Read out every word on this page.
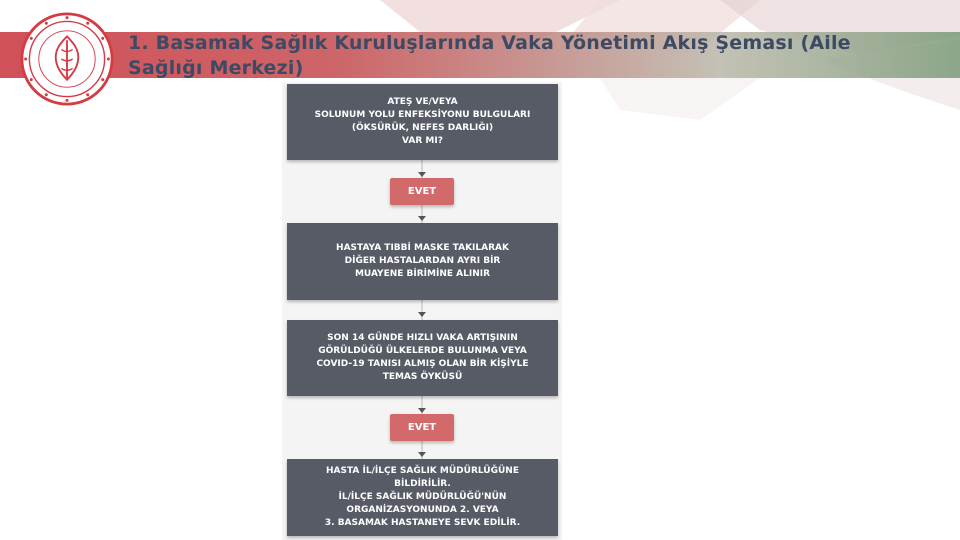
1. Basamak Sağlık Kuruluşlarında Vaka Yönetimi Akış Şeması (Aile Sağlığı Merkezi)
ATEŞ VE/VEYA
SOLUNUM YOLU ENFEKSİYONU BULGULARI
(ÖKSÜRÜK, NEFES DARLIĞI)
VAR MI?
EVET
HASTAYA TIBBİ MASKE TAKILARAK
DİĞER HASTALARDAN AYRI BİR
MUAYENE BİRİMİNE ALINIR
SON 14 GÜNDE HIZLI VAKA ARTIŞININ
GÖRÜLDÜĞÜ ÜLKELERDE BULUNMA VEYA
COVID-19 TANISI ALMIŞ OLAN BİR KİŞİYLE
TEMAS ÖYKÜSÜ
EVET
HASTA İL/İLÇE SAĞLIK MÜDÜRLÜĞÜNE BİLDİRİLİR.
İL/İLÇE SAĞLIK MÜDÜRLÜĞÜ'NÜN
ORGANİZASYONUNDA 2. VEYA
3. BASAMAK HASTANEYE SEVK EDİLİR.
